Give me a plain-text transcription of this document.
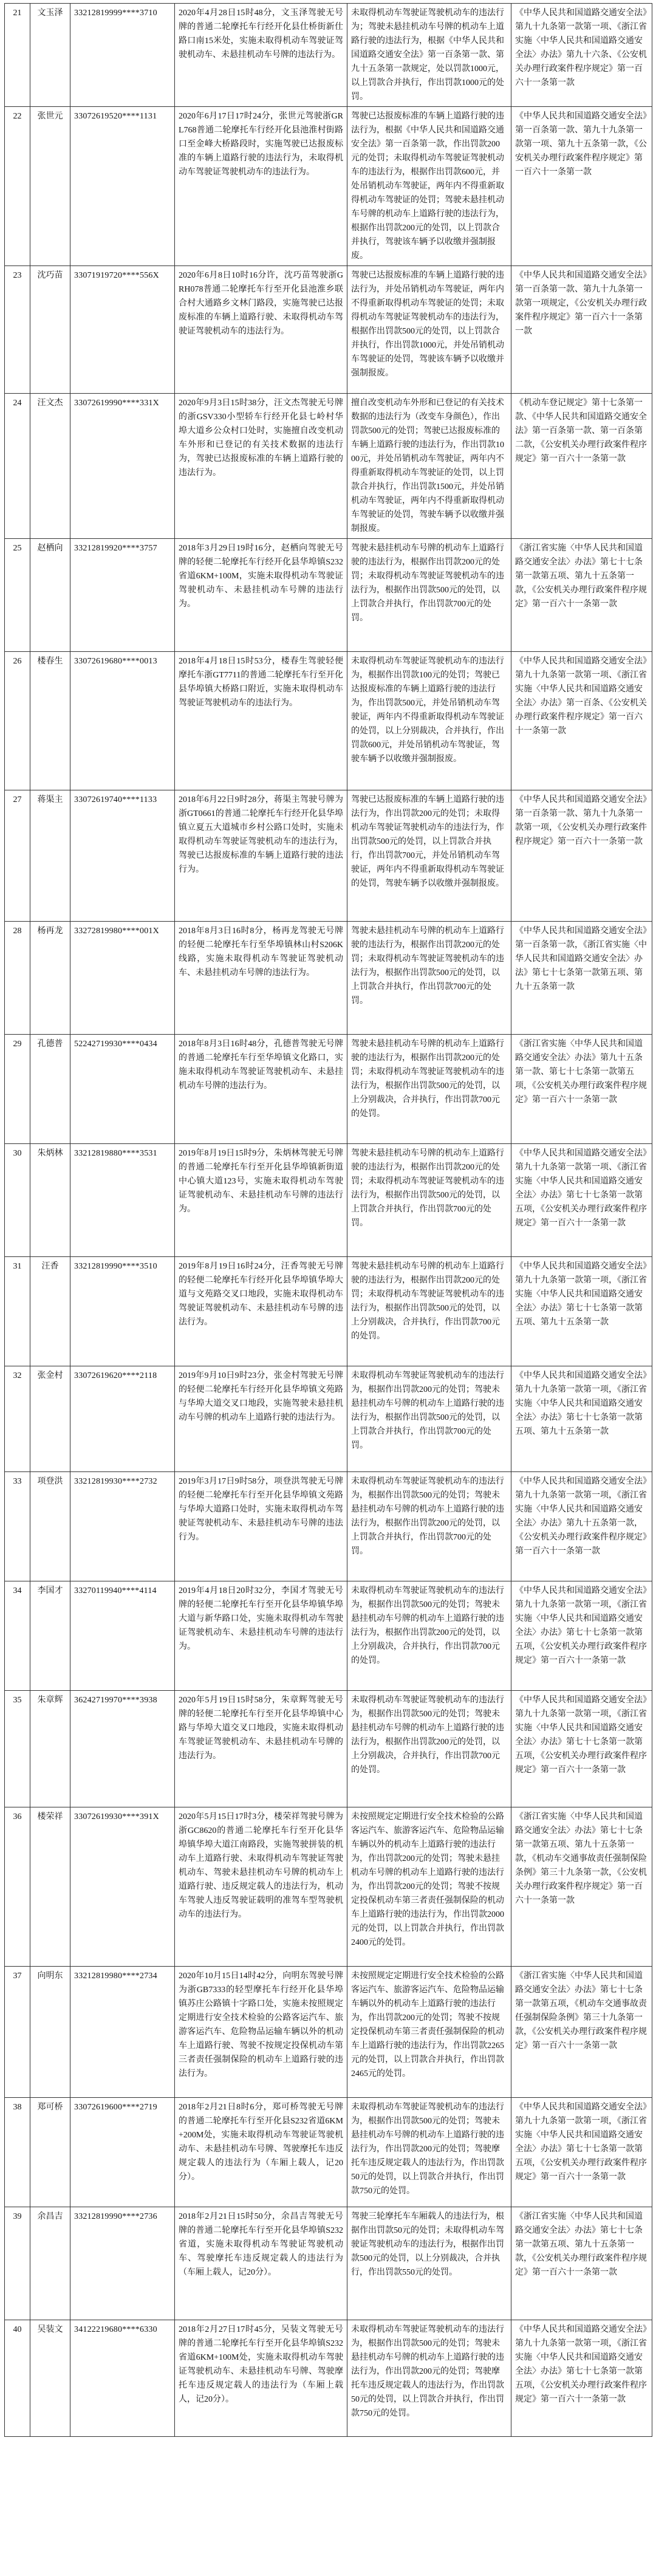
21	文玉泽	33212819999****3710	2020年4月28日15时48分，文玉泽驾驶无号牌的普通二轮摩托车行经开化县仕桥街新仕路口南15米处，实施未取得机动车驾驶证驾驶机动车、未悬挂机动车号牌的违法行为。	未取得机动车驾驶证驾驶机动车的违法行为；驾驶未悬挂机动车号牌的机动车上道路行驶的违法行为，根据《中华人民共和国道路交通安全法》第一百条第一款、第九十五条第一款规定，处以罚款1000元，以上罚款合并执行，作出罚款1000元的处罚。	《中华人民共和国道路交通安全法》第九十九条第一款第一项、《浙江省实施〈中华人民共和国道路交通安全法〉办法》第九十六条、《公安机关办理行政案件程序规定》第一百六十一条第一款
22	张世元	33072619520****1131	2020年6月17日17时24分，张世元驾驶浙GRL768普通二轮摩托车行经开化县池淮村街路口至金峰大桥路段时，实施驾驶已达报废标准的车辆上道路行驶的违法行为，未取得机动车驾驶证驾驶机动车的违法行为。	驾驶已达报废标准的车辆上道路行驶的违法行为，根据《中华人民共和国道路交通安全法》第一百条第一款，作出罚款200元的处罚；未取得机动车驾驶证驾驶机动车的违法行为，根据作出罚款600元，并处吊销机动车驾驶证，两年内不得重新取得机动车驾驶证的处罚；驾驶未悬挂机动车号牌的机动车上道路行驶的违法行为，根据作出罚款200元的处罚，以上罚款合并执行，驾驶该车辆予以收缴并强制报废。	《中华人民共和国道路交通安全法》第一百条第一款、第九十九条第一款第一项、第九十五条第一款，《公安机关办理行政案件程序规定》第一百六十一条第一款
23	沈巧苗	33071919720****556X	2020年6月8日10时16分许，沈巧苗驾驶浙GRH078普通二轮摩托车行至开化县池淮乡联合村大通路乡文林门路段，实施驾驶已达报废标准的车辆上道路行驶、未取得机动车驾驶证驾驶机动车的违法行为。	驾驶已达报废标准的车辆上道路行驶的违法行为，并处吊销机动车驾驶证，两年内不得重新取得机动车驾驶证的处罚；未取得机动车驾驶证驾驶机动车的违法行为，根据作出罚款500元的处罚，以上罚款合并执行，作出罚款1000元，并处吊销机动车驾驶证的处罚，驾驶该车辆予以收缴并强制报废。	《中华人民共和国道路交通安全法》第一百条第一款、第九十九条第一款第一项规定，《公安机关办理行政案件程序规定》第一百六十一条第一款
24	汪文杰	33072619990****331X	2020年9月3日15时38分，汪文杰驾驶无号牌的浙GSV330小型轿车行经开化县七岭村华埠大道乡公众村口处时，实施擅自改变机动车外形和已登记的有关技术数据的违法行为，驾驶已达报废标准的车辆上道路行驶的违法行为。	擅自改变机动车外形和已登记的有关技术数据的违法行为（改变车身颜色），作出罚款500元的处罚；驾驶已达报废标准的车辆上道路行驶的违法行为，作出罚款1000元，并处吊销机动车驾驶证，两年内不得重新取得机动车驾驶证的处罚，以上罚款合并执行，作出罚款1500元，并处吊销机动车驾驶证，两年内不得重新取得机动车驾驶证的处罚，驾驶车辆予以收缴并强制报废。	《机动车登记规定》第十七条第一款、《中华人民共和国道路交通安全法》第一百条第一款、第一百条第二款，《公安机关办理行政案件程序规定》第一百六十一条第一款
25	赵栖向	33212819920****3757	2018年3月29日19时16分，赵栖向驾驶无号牌的轻便二轮摩托车行经开化县华埠镇S232省道6KM+100M，实施未取得机动车驾驶证驾驶机动车、未悬挂机动车号牌的违法行为。	驾驶未悬挂机动车号牌的机动车上道路行驶的违法行为，根据作出罚款200元的处罚；未取得机动车驾驶证驾驶机动车的违法行为，根据作出罚款500元的处罚，以上罚款合并执行，作出罚款700元的处罚。	《浙江省实施〈中华人民共和国道路交通安全法〉办法》第七十七条第一款第五项、第九十五条第一款，《公安机关办理行政案件程序规定》第一百六十一条第一款
26	楼春生	33072619680****0013	2018年4月18日15时53分，楼春生驾驶轻便摩托车浙GT7711的普通二轮摩托车行至开化县华埠镇大桥路口附近，实施未取得机动车驾驶证驾驶机动车的违法行为。	未取得机动车驾驶证驾驶机动车的违法行为，根据作出罚款100元的处罚；驾驶已达报废标准的车辆上道路行驶的违法行为，作出罚款500元，并处吊销机动车驾驶证，两年内不得重新取得机动车驾驶证的处罚，以上分别裁决，合并执行，作出罚款600元，并处吊销机动车驾驶证，驾驶车辆予以收缴并强制报废。	《中华人民共和国道路交通安全法》第九十九条第一款第一项、《浙江省实施〈中华人民共和国道路交通安全法〉办法》第一百条、《公安机关办理行政案件程序规定》第一百六十一条第一款
27	蒋渠主	33072619740****1133	2018年6月22日9时28分，蒋渠主驾驶号牌为浙GT0661的普通二轮摩托车行经开化县华埠镇立夏五大道城市乡村公路口处时，实施未取得机动车驾驶证驾驶机动车的违法行为，驾驶已达报废标准的车辆上道路行驶的违法行为。	驾驶已达报废标准的车辆上道路行驶的违法行为，作出罚款200元的处罚；未取得机动车驾驶证驾驶机动车的违法行为，作出罚款500元的处罚，以上罚款合并执行，作出罚款700元，并处吊销机动车驾驶证，两年内不得重新取得机动车驾驶证的处罚，驾驶车辆予以收缴并强制报废。	《中华人民共和国道路交通安全法》第一百条第一款、第九十九条第一款第一项，《公安机关办理行政案件程序规定》第一百六十一条第一款
28	杨再龙	33272819980****001X	2018年8月3日16时8分，杨再龙驾驶无号牌的轻便二轮摩托车行至华埠镇林山村S206K线路，实施未取得机动车驾驶证驾驶机动车、未悬挂机动车号牌的违法行为。	驾驶未悬挂机动车号牌的机动车上道路行驶的违法行为，根据作出罚款200元的处罚；未取得机动车驾驶证驾驶机动车的违法行为，根据作出罚款500元的处罚，以上罚款合并执行，作出罚款700元的处罚。	《中华人民共和国道路交通安全法》第一百条第一款，《浙江省实施〈中华人民共和国道路交通安全法〉办法》第七十七条第一款第五项、第九十五条第一款
29	孔德普	52242719930****0434	2018年8月3日16时48分，孔德普驾驶无号牌的普通二轮摩托车行至华埠镇文化路口，实施未取得机动车驾驶证驾驶机动车、未悬挂机动车号牌的违法行为。	驾驶未悬挂机动车号牌的机动车上道路行驶的违法行为，根据作出罚款200元的处罚；未取得机动车驾驶证驾驶机动车的违法行为，根据作出罚款500元的处罚，以上分别裁决，合并执行，作出罚款700元的处罚。	《浙江省实施〈中华人民共和国道路交通安全法〉办法》第九十五条第一款、第七十七条第一款第五项，《公安机关办理行政案件程序规定》第一百六十一条第一款
30	朱炳林	33212819880****3531	2019年8月19日15时9分，朱炳林驾驶无号牌的普通二轮摩托车行至开化县华埠镇新街道中心镇大道123号，实施未取得机动车驾驶证驾驶机动车、未悬挂机动车号牌的违法行为。	驾驶未悬挂机动车号牌的机动车上道路行驶的违法行为，根据作出罚款200元的处罚；未取得机动车驾驶证驾驶机动车的违法行为，根据作出罚款500元的处罚，以上罚款合并执行，作出罚款700元的处罚。	《中华人民共和国道路交通安全法》第九十九条第一款第一项、《浙江省实施〈中华人民共和国道路交通安全法〉办法》第七十七条第一款第五项，《公安机关办理行政案件程序规定》第一百六十一条第一款
31	汪香	33212819990****3510	2019年8月19日16时24分，汪香驾驶无号牌的轻便二轮摩托车行经开化县华埠镇华埠大道与文苑路交叉口地段，实施未取得机动车驾驶证驾驶机动车、未悬挂机动车号牌的违法行为。	驾驶未悬挂机动车号牌的机动车上道路行驶的违法行为，根据作出罚款200元的处罚；未取得机动车驾驶证驾驶机动车的违法行为，根据作出罚款500元的处罚，以上分别裁决，合并执行，作出罚款700元的处罚。	《中华人民共和国道路交通安全法》第九十九条第一款第一项，《浙江省实施〈中华人民共和国道路交通安全法〉办法》第七十七条第一款第五项、第九十五条第一款
32	张金村	33072619620****2118	2019年9月10日9时23分，张金村驾驶无号牌的轻便二轮摩托车行经开化县华埠镇文苑路与华埠大道交叉口地段，实施驾驶未悬挂机动车号牌的机动车上道路行驶的违法行为。	未取得机动车驾驶证驾驶机动车的违法行为，根据作出罚款200元的处罚；驾驶未悬挂机动车号牌的机动车上道路行驶的违法行为，根据作出罚款500元的处罚，以上罚款合并执行，作出罚款700元的处罚。	《中华人民共和国道路交通安全法》第九十九条第一款第一项，《浙江省实施〈中华人民共和国道路交通安全法〉办法》第七十七条第一款第五项、第九十五条第一款
33	项登洪	33212819930****2732	2019年3月17日9时58分，项登洪驾驶无号牌的轻便二轮摩托车行至开化县华埠镇文苑路与华埠大道路口处时，实施未取得机动车驾驶证驾驶机动车、未悬挂机动车号牌的违法行为。	未取得机动车驾驶证驾驶机动车的违法行为，根据作出罚款500元的处罚；驾驶未悬挂机动车号牌的机动车上道路行驶的违法行为，根据作出罚款200元的处罚，以上罚款合并执行，作出罚款700元的处罚。	《中华人民共和国道路交通安全法》第九十九条第一款第一项，《浙江省实施〈中华人民共和国道路交通安全法〉办法》第九十五条第一款，《公安机关办理行政案件程序规定》第一百六十一条第一款
34	李国才	33270119940****4114	2019年4月18日20时32分，李国才驾驶无号牌的轻便二轮摩托车行至开化县华埠镇华埠大道与新华路口处，实施未取得机动车驾驶证驾驶机动车、未悬挂机动车号牌的违法行为。	未取得机动车驾驶证驾驶机动车的违法行为，根据作出罚款500元的处罚；驾驶未悬挂机动车号牌的机动车上道路行驶的违法行为，根据作出罚款200元的处罚，以上分别裁决，合并执行，作出罚款700元的处罚。	《中华人民共和国道路交通安全法》第九十九条第一款第一项，《浙江省实施〈中华人民共和国道路交通安全法〉办法》第七十七条第一款第五项，《公安机关办理行政案件程序规定》第一百六十一条第一款
35	朱章辉	36242719970****3938	2020年5月19日15时58分，朱章辉驾驶无号牌的轻便二轮摩托车行至开化县华埠镇中心路与华埠大道交叉口地段，实施未取得机动车驾驶证驾驶机动车、未悬挂机动车号牌的违法行为。	未取得机动车驾驶证驾驶机动车的违法行为，根据作出罚款500元的处罚；驾驶未悬挂机动车号牌的机动车上道路行驶的违法行为，根据作出罚款200元的处罚，以上分别裁决，合并执行，作出罚款700元的处罚。	《中华人民共和国道路交通安全法》第九十九条第一款第一项，《浙江省实施〈中华人民共和国道路交通安全法〉办法》第七十七条第一款第五项，《公安机关办理行政案件程序规定》第一百六十一条第一款
36	楼荣祥	33072619930****391X	2020年5月15日17时3分，楼荣祥驾驶号牌为浙GC8620的普通二轮摩托车行至开化县华埠镇华埠大道江南路段，实施驾驶拼装的机动车上道路行驶、未取得机动车驾驶证驾驶机动车、驾驶未悬挂机动车号牌的机动车上道路行驶、违反规定载人的违法行为，机动车驾驶人违反驾驶证载明的准驾车型驾驶机动车的违法行为。	未按照规定定期进行安全技术检验的公路客运汽车、旅游客运汽车、危险物品运输车辆以外的机动车上道路行驶的违法行为，作出罚款200元的处罚；驾驶未悬挂机动车号牌的机动车上道路行驶的违法行为，作出罚款200元的处罚；驾驶不按规定投保机动车第三者责任强制保险的机动车上道路行驶的违法行为，作出罚款2000元的处罚，以上罚款合并执行，作出罚款2400元的处罚。	《浙江省实施〈中华人民共和国道路交通安全法〉办法》第七十七条第一款第五项、第九十五条第一款，《机动车交通事故责任强制保险条例》第三十九条第一款，《公安机关办理行政案件程序规定》第一百六十一条第一款
37	向明东	33212819980****2734	2020年10月15日14时42分，向明东驾驶号牌为浙GB7333的轻型摩托车行经开化县华埠镇苏庄公路镇十字路口处，实施未按照规定定期进行安全技术检验的公路客运汽车、旅游客运汽车、危险物品运输车辆以外的机动车上道路行驶、驾驶不按规定投保机动车第三者责任强制保险的机动车上道路行驶的违法行为。	未按照规定定期进行安全技术检验的公路客运汽车、旅游客运汽车、危险物品运输车辆以外的机动车上道路行驶的违法行为，作出罚款200元的处罚；驾驶不按规定投保机动车第三者责任强制保险的机动车上道路行驶的违法行为，作出罚款2265元的处罚，以上罚款合并执行，作出罚款2465元的处罚。	《浙江省实施〈中华人民共和国道路交通安全法〉办法》第七十七条第一款第五项，《机动车交通事故责任强制保险条例》第三十九条第一款，《公安机关办理行政案件程序规定》第一百六十一条第一款
38	郑可桥	33072619600****2719	2018年2月21日8时6分，郑可桥驾驶无号牌的普通二轮摩托车行至开化县S232省道6KM+200M处，实施未取得机动车驾驶证驾驶机动车、未悬挂机动车号牌、驾驶摩托车违反规定载人的违法行为（车厢上载人，记20分）。	未取得机动车驾驶证驾驶机动车的违法行为，根据作出罚款500元的处罚；驾驶未悬挂机动车号牌的机动车上道路行驶的违法行为，作出罚款200元的处罚；驾驶摩托车违反规定载人的违法行为，作出罚款50元的处罚，以上罚款合并执行，作出罚款750元的处罚。	《中华人民共和国道路交通安全法》第九十九条第一款第一项，《浙江省实施〈中华人民共和国道路交通安全法〉办法》第七十七条第一款第五项，《公安机关办理行政案件程序规定》第一百六十一条第一款
39	余昌吉	33212819990****2736	2018年2月21日15时50分，余昌吉驾驶无号牌的普通二轮摩托车行至开化县华埠镇S232省道，实施未取得机动车驾驶证驾驶机动车、驾驶摩托车违反规定载人的违法行为（车厢上载人，记20分）。	驾驶三轮摩托车车厢载人的违法行为，根据作出罚款50元的处罚；未取得机动车驾驶证驾驶机动车的违法行为，根据作出罚款500元的处罚，以上分别裁决，合并执行，作出罚款550元的处罚。	《浙江省实施〈中华人民共和国道路交通安全法〉办法》第七十七条第一款第五项、第九十五条第一款，《公安机关办理行政案件程序规定》第一百六十一条第一款
40	吴装文	34122219680****6330	2018年2月27日17时45分，吴装文驾驶无号牌的普通二轮摩托车行至开化县华埠镇S232省道6KM+100M处，实施未取得机动车驾驶证驾驶机动车、未悬挂机动车号牌、驾驶摩托车违反规定载人的违法行为（车厢上载人，记20分）。	未取得机动车驾驶证驾驶机动车的违法行为，根据作出罚款500元的处罚；驾驶未悬挂机动车号牌的机动车上道路行驶的违法行为，作出罚款200元的处罚；驾驶摩托车违反规定载人的违法行为，作出罚款50元的处罚，以上罚款合并执行，作出罚款750元的处罚。	《中华人民共和国道路交通安全法》第九十九条第一款第一项，《浙江省实施〈中华人民共和国道路交通安全法〉办法》第七十七条第一款第五项，《公安机关办理行政案件程序规定》第一百六十一条第一款
